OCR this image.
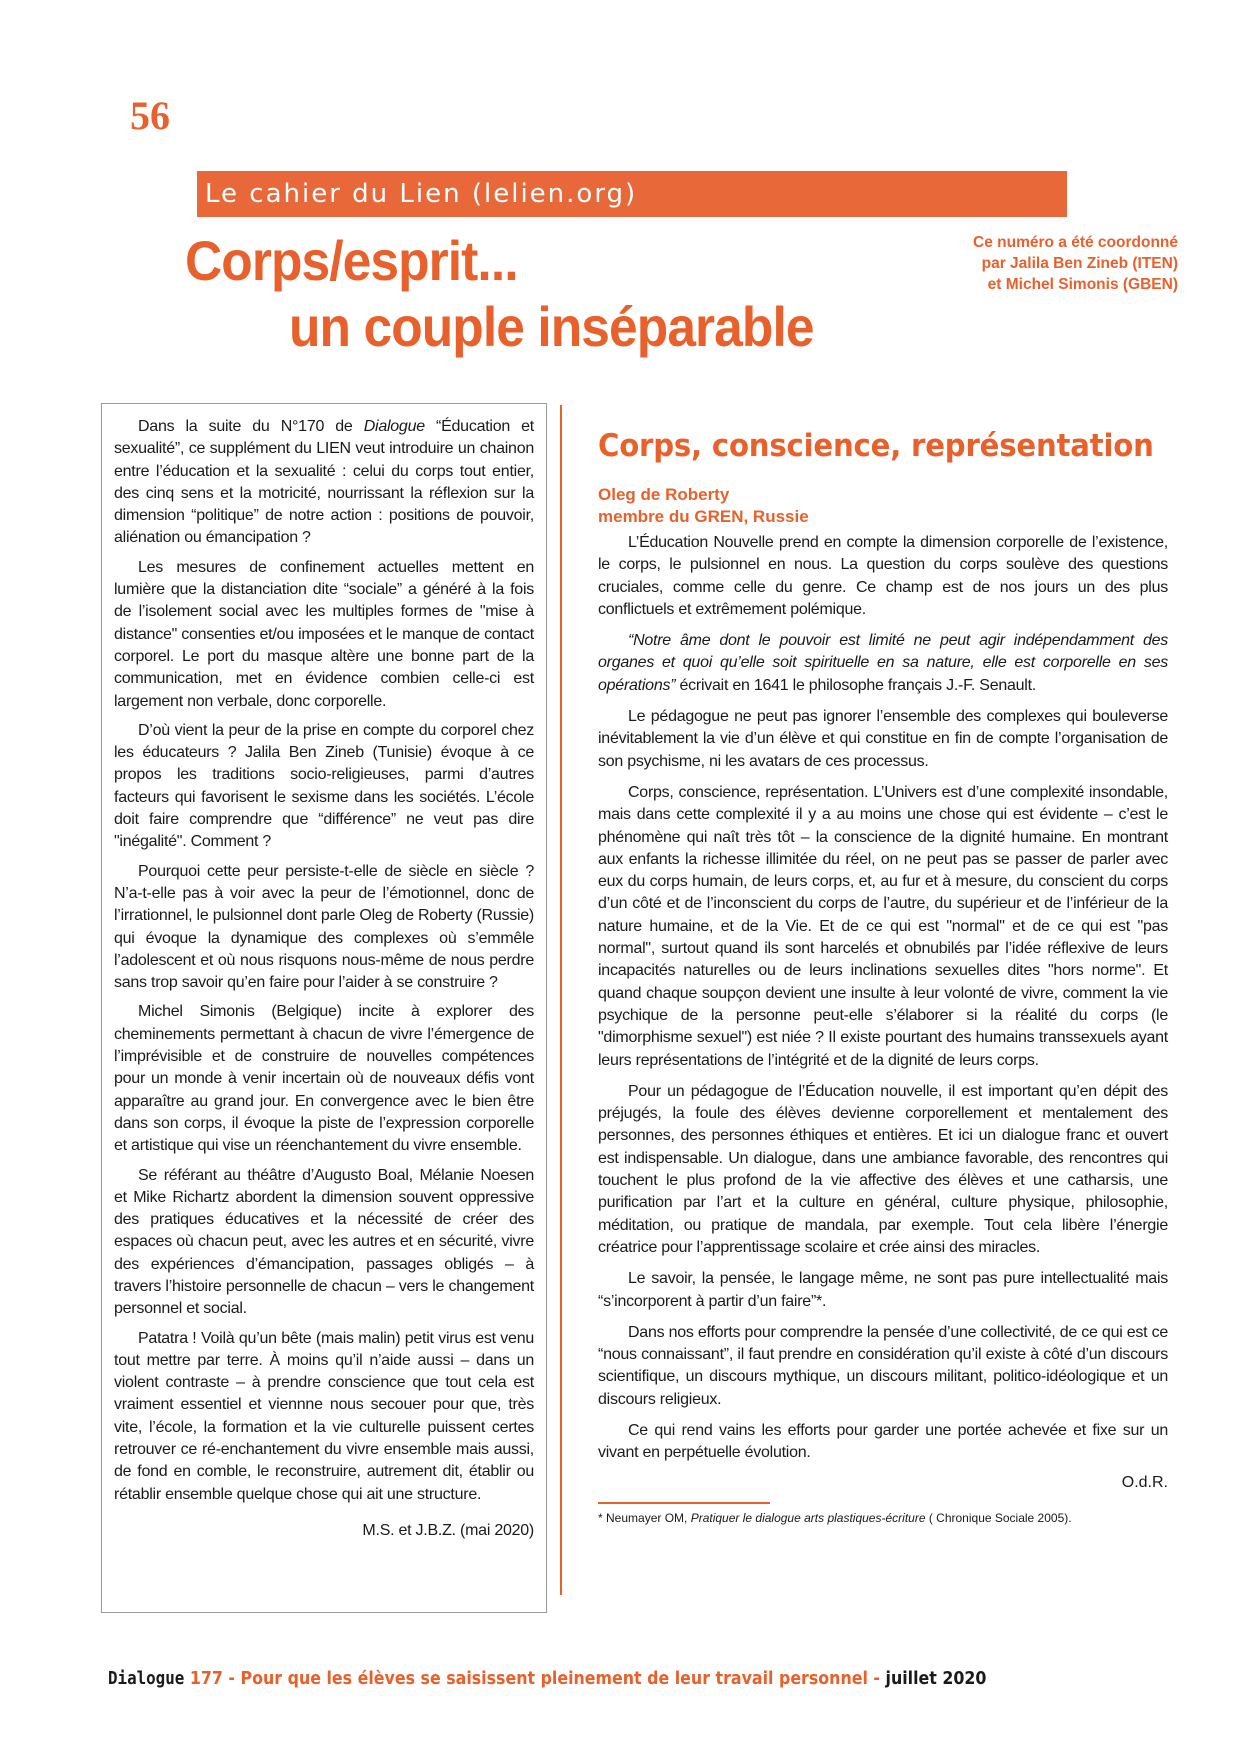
56
Le cahier du Lien (lelien.org)
Corps/esprit...
un couple inséparable
Ce numéro a été coordonné
par Jalila Ben Zineb (ITEN)
et Michel Simonis (GBEN)

Dans la suite du N°170 de Dialogue “Éducation et sexualité”, ce supplément du LIEN veut introduire un chainon entre l’éducation et la sexualité : celui du corps tout entier, des cinq sens et la motricité, nourrissant la réflexion sur la dimension “politique” de notre action : positions de pouvoir, aliénation ou émancipation ?

Les mesures de confinement actuelles mettent en lumière que la distanciation dite “sociale” a généré à la fois de l’isolement social avec les multiples formes de "mise à distance" consenties et/ou imposées et le manque de contact corporel. Le port du masque altère une bonne part de la communication, met en évidence combien celle-ci est largement non verbale, donc corporelle.

D’où vient la peur de la prise en compte du corporel chez les éducateurs ? Jalila Ben Zineb (Tunisie) évoque à ce propos les traditions socio-religieuses, parmi d’autres facteurs qui favorisent le sexisme dans les sociétés. L’école doit faire comprendre que “différence” ne veut pas dire "inégalité". Comment ?

Pourquoi cette peur persiste-t-elle de siècle en siècle ? N’a-t-elle pas à voir avec la peur de l’émotionnel, donc de l’irrationnel, le pulsionnel dont parle Oleg de Roberty (Russie) qui évoque la dynamique des complexes où s’emmêle l’adolescent et où nous risquons nous-même de nous perdre sans trop savoir qu’en faire pour l’aider à se construire ?

Michel Simonis (Belgique) incite à explorer des cheminements permettant à chacun de vivre l’émergence de l’imprévisible et de construire de nouvelles compétences pour un monde à venir incertain où de nouveaux défis vont apparaître au grand jour. En convergence avec le bien être dans son corps, il évoque la piste de l’expression corporelle et artistique qui vise un réenchantement du vivre ensemble.

Se référant au théâtre d’Augusto Boal, Mélanie Noesen et Mike Richartz abordent la dimension souvent oppressive des pratiques éducatives et la nécessité de créer des espaces où chacun peut, avec les autres et en sécurité, vivre des expériences d’émancipation, passages obligés – à travers l’histoire personnelle de chacun – vers le changement personnel et social.

Patatra ! Voilà qu’un bête (mais malin) petit virus est venu tout mettre par terre. À moins qu’il n’aide aussi – dans un violent contraste – à prendre conscience que tout cela est vraiment essentiel et viennne nous secouer pour que, très vite, l’école, la formation et la vie culturelle puissent certes retrouver ce ré-enchantement du vivre ensemble mais aussi, de fond en comble, le reconstruire, autrement dit, établir ou rétablir ensemble quelque chose qui ait une structure.

M.S. et J.B.Z. (mai 2020)

Corps, conscience, représentation
Oleg de Roberty
membre du GREN, Russie

L’Éducation Nouvelle prend en compte la dimension corporelle de l’existence, le corps, le pulsionnel en nous. La question du corps soulève des questions cruciales, comme celle du genre. Ce champ est de nos jours un des plus conflictuels et extrêmement polémique.

“Notre âme dont le pouvoir est limité ne peut agir indépendamment des organes et quoi qu’elle soit spirituelle en sa nature, elle est corporelle en ses opérations” écrivait en 1641 le philosophe français J.-F. Senault.

Le pédagogue ne peut pas ignorer l’ensemble des complexes qui bouleverse inévitablement la vie d’un élève et qui constitue en fin de compte l’organisation de son psychisme, ni les avatars de ces processus.

Corps, conscience, représentation. L’Univers est d’une complexité insondable, mais dans cette complexité il y a au moins une chose qui est évidente – c’est le phénomène qui naît très tôt – la conscience de la dignité humaine. En montrant aux enfants la richesse illimitée du réel, on ne peut pas se passer de parler avec eux du corps humain, de leurs corps, et, au fur et à mesure, du conscient du corps d’un côté et de l’inconscient du corps de l’autre, du supérieur et de l’inférieur de la nature humaine, et de la Vie. Et de ce qui est "normal" et de ce qui est "pas normal", surtout quand ils sont harcelés et obnubilés par l’idée réflexive de leurs incapacités naturelles ou de leurs inclinations sexuelles dites "hors norme". Et quand chaque soupçon devient une insulte à leur volonté de vivre, comment la vie psychique de la personne peut-elle s’élaborer si la réalité du corps (le "dimorphisme sexuel") est niée ? Il existe pourtant des humains transsexuels ayant leurs représentations de l’intégrité et de la dignité de leurs corps.

Pour un pédagogue de l’Éducation nouvelle, il est important qu’en dépit des préjugés, la foule des élèves devienne corporellement et mentalement des personnes, des personnes éthiques et entières. Et ici un dialogue franc et ouvert est indispensable. Un dialogue, dans une ambiance favorable, des rencontres qui touchent le plus profond de la vie affective des élèves et une catharsis, une purification par l’art et la culture en général, culture physique, philosophie, méditation, ou pratique de mandala, par exemple. Tout cela libère l’énergie créatrice pour l’apprentissage scolaire et crée ainsi des miracles.

Le savoir, la pensée, le langage même, ne sont pas pure intellectualité mais “s’incorporent à partir d’un faire”*.

Dans nos efforts pour comprendre la pensée d’une collectivité, de ce qui est ce “nous connaissant”, il faut prendre en considération qu’il existe à côté d’un discours scientifique, un discours mythique, un discours militant, politico-idéologique et un discours religieux.

Ce qui rend vains les efforts pour garder une portée achevée et fixe sur un vivant en perpétuelle évolution.

O.d.R.

* Neumayer OM, Pratiquer le dialogue arts plastiques-écriture ( Chronique Sociale 2005).

Dialogue 177 - Pour que les élèves se saisissent pleinement de leur travail personnel - juillet 2020
